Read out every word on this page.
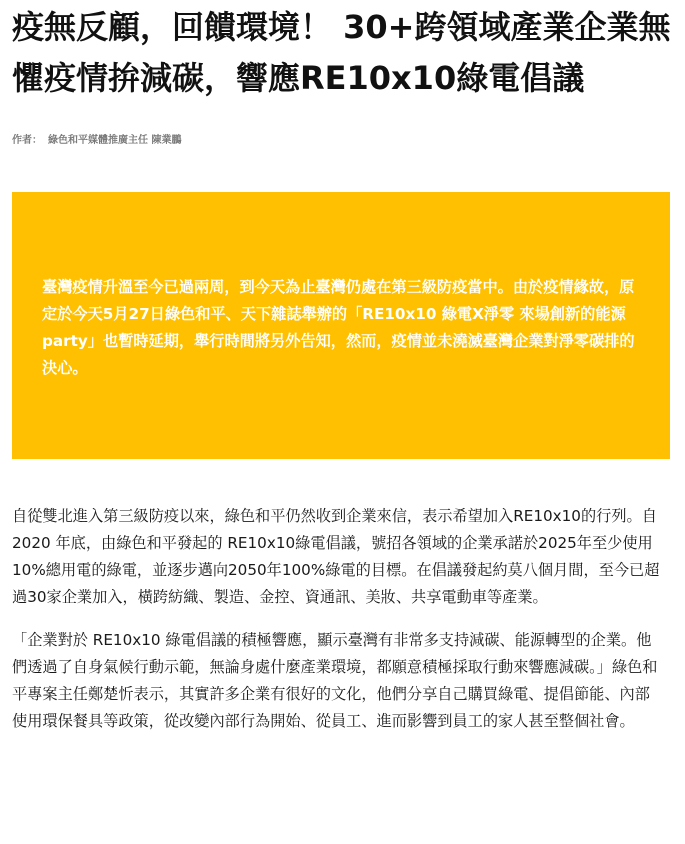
疫無反顧，回饋環境！ 30+跨領域產業企業無懼疫情拚減碳，響應RE10x10綠電倡議
作者： 綠色和平媒體推廣主任 陳業鵬

臺灣疫情升溫至今已過兩周，到今天為止臺灣仍處在第三級防疫當中。由於疫情緣故，原定於今天5月27日綠色和平、天下雜誌舉辦的「RE10x10 綠電X淨零 來場創新的能源party」也暫時延期，舉行時間將另外告知，然而，疫情並未澆滅臺灣企業對淨零碳排的決心。

自從雙北進入第三級防疫以來，綠色和平仍然收到企業來信，表示希望加入RE10x10的行列。自 2020 年底，由綠色和平發起的 RE10x10綠電倡議，號招各領域的企業承諾於2025年至少使用10%總用電的綠電，並逐步邁向2050年100%綠電的目標。在倡議發起約莫八個月間，至今已超過30家企業加入，橫跨紡織、製造、金控、資通訊、美妝、共享電動車等產業。

「企業對於 RE10x10 綠電倡議的積極響應，顯示臺灣有非常多支持減碳、能源轉型的企業。他們透過了自身氣候行動示範，無論身處什麼產業環境，都願意積極採取行動來響應減碳。」綠色和平專案主任鄭楚忻表示，其實許多企業有很好的文化，他們分享自己購買綠電、提倡節能、內部使用環保餐具等政策，從改變內部行為開始、從員工、進而影響到員工的家人甚至整個社會。
